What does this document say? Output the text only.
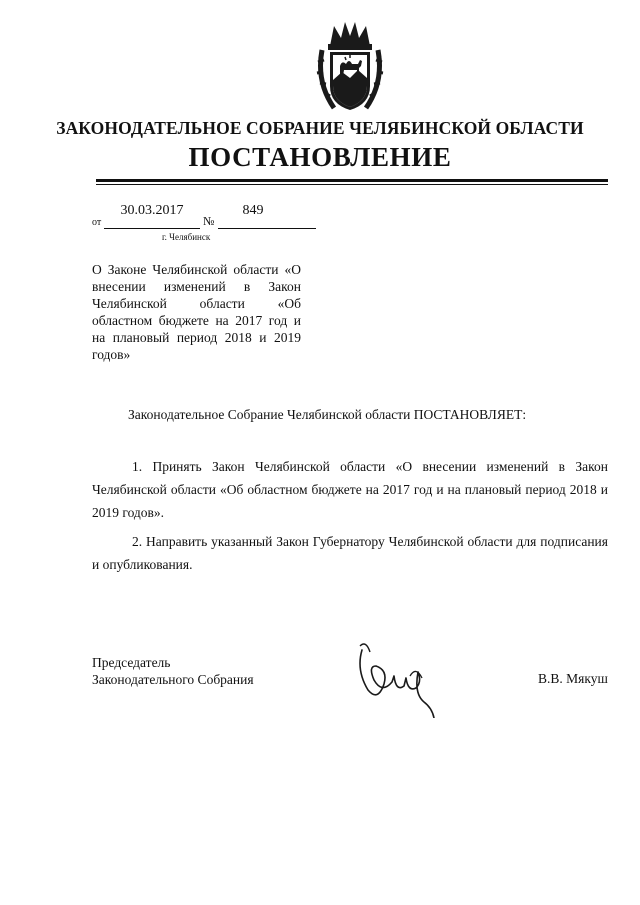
ЗАКОНОДАТЕЛЬНОЕ СОБРАНИЕ ЧЕЛЯБИНСКОЙ ОБЛАСТИ
ПОСТАНОВЛЕНИЕ
от
30.03.2017
№
849
г. Челябинск
О Законе Челябинской области «О внесении изменений в Закон Челябинской области «Об областном бюджете на 2017 год и на плановый период 2018 и 2019 годов»
Законодательное Собрание Челябинской области ПОСТАНОВЛЯЕТ:
1. Принять Закон Челябинской области «О внесении изменений в Закон Челябинской области «Об областном бюджете на 2017 год и на плановый период 2018 и 2019 годов».
2. Направить указанный Закон Губернатору Челябинской области для подписания и опубликования.
Председатель
Законодательного Собрания	В.В. Мякуш
